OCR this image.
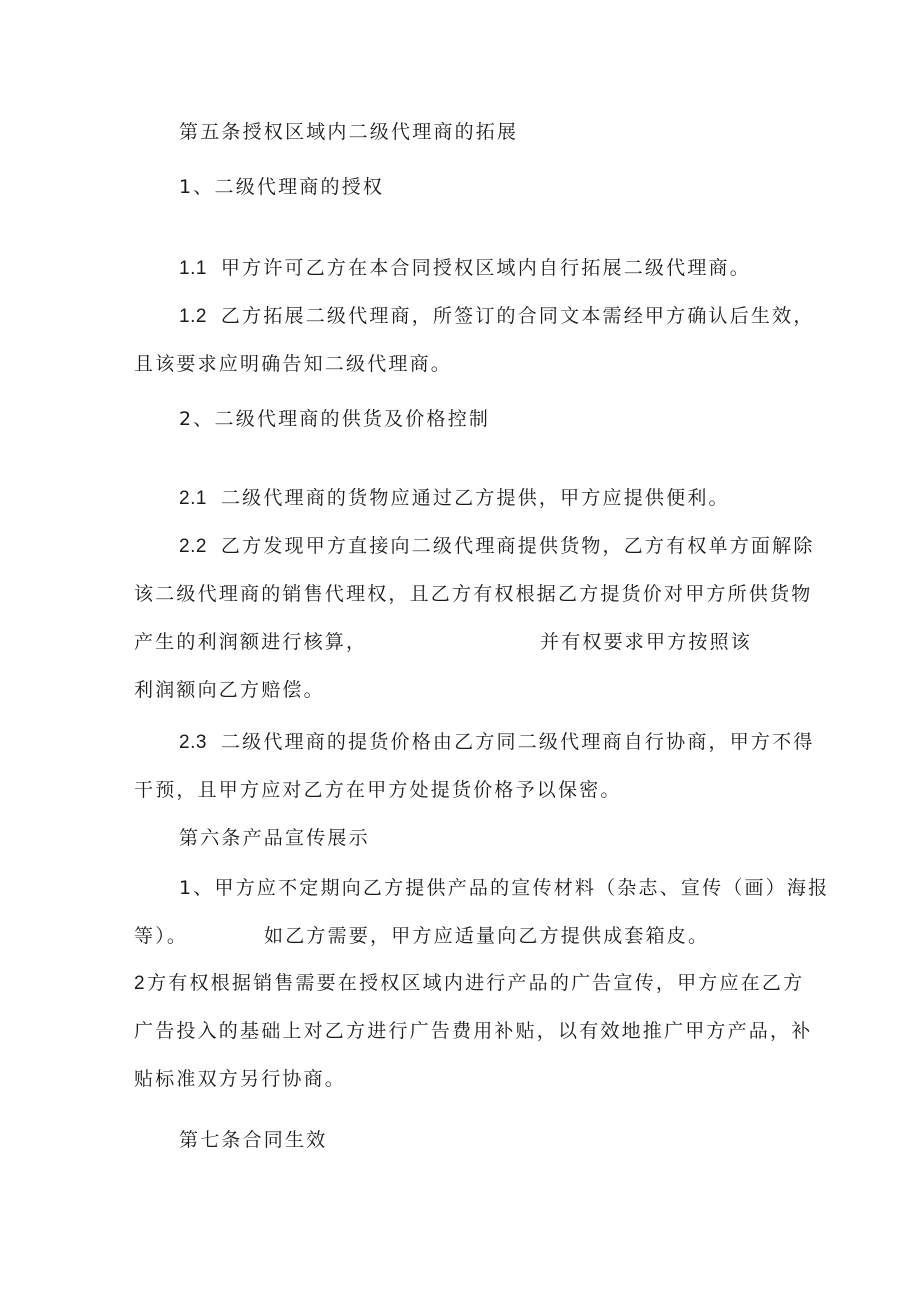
第五条授权区域内二级代理商的拓展
1、二级代理商的授权
1.1 甲方许可乙方在本合同授权区域内自行拓展二级代理商。
1.2 乙方拓展二级代理商，所签订的合同文本需经甲方确认后生效，
且该要求应明确告知二级代理商。
2、二级代理商的供货及价格控制
2.1 二级代理商的货物应通过乙方提供，甲方应提供便利。
2.2 乙方发现甲方直接向二级代理商提供货物，乙方有权单方面解除
该二级代理商的销售代理权，且乙方有权根据乙方提货价对甲方所供货物
产生的利润额进行核算，	并有权要求甲方按照该
利润额向乙方赔偿。
2.3 二级代理商的提货价格由乙方同二级代理商自行协商，甲方不得
干预，且甲方应对乙方在甲方处提货价格予以保密。
第六条产品宣传展示
1、甲方应不定期向乙方提供产品的宣传材料（杂志、宣传（画）海报
等）。	如乙方需要，甲方应适量向乙方提供成套箱皮。
2 方有权根据销售需要在授权区域内进行产品的广告宣传，甲方应在乙方
广告投入的基础上对乙方进行广告费用补贴，以有效地推广甲方产品，补
贴标准双方另行协商。
第七条合同生效
